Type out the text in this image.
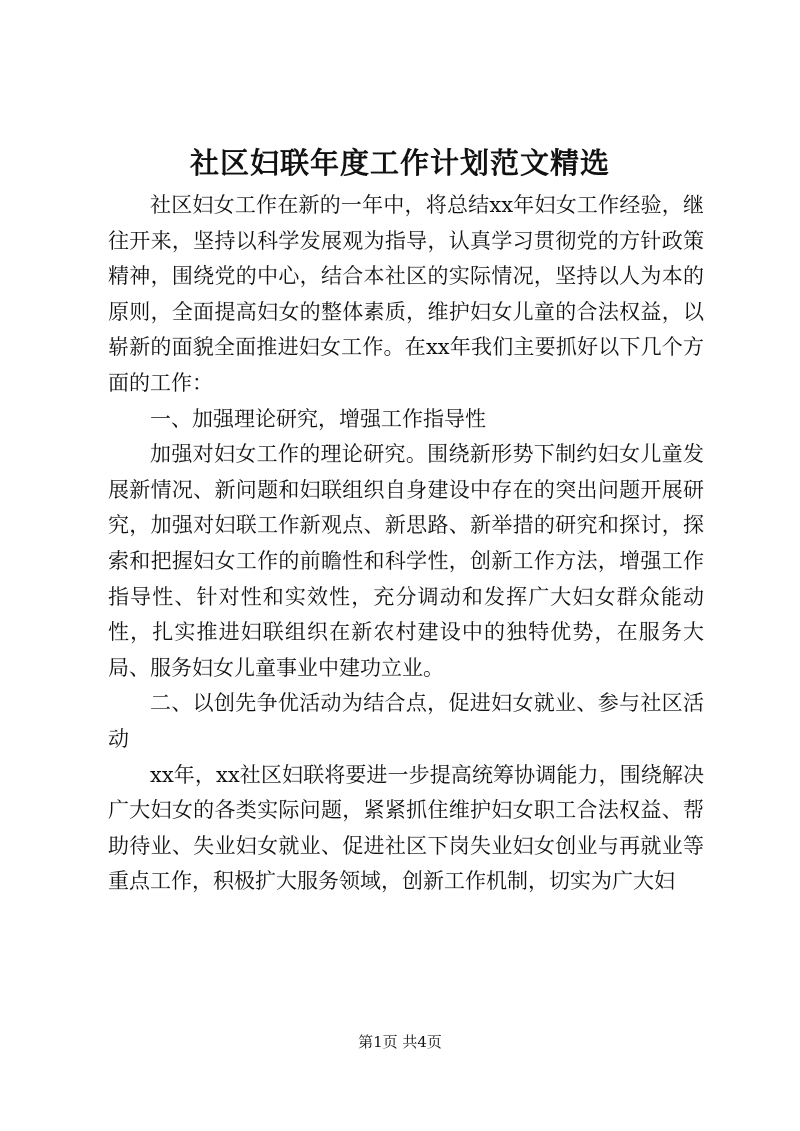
社区妇联年度工作计划范文精选

社区妇女工作在新的一年中，将总结xx年妇女工作经验，继往开来，坚持以科学发展观为指导，认真学习贯彻党的方针政策精神，围绕党的中心，结合本社区的实际情况，坚持以人为本的原则，全面提高妇女的整体素质，维护妇女儿童的合法权益，以崭新的面貌全面推进妇女工作。在xx年我们主要抓好以下几个方面的工作：

一、加强理论研究，增强工作指导性

加强对妇女工作的理论研究。围绕新形势下制约妇女儿童发展新情况、新问题和妇联组织自身建设中存在的突出问题开展研究，加强对妇联工作新观点、新思路、新举措的研究和探讨，探索和把握妇女工作的前瞻性和科学性，创新工作方法，增强工作指导性、针对性和实效性，充分调动和发挥广大妇女群众能动性，扎实推进妇联组织在新农村建设中的独特优势，在服务大局、服务妇女儿童事业中建功立业。

二、以创先争优活动为结合点，促进妇女就业、参与社区活动

xx年，xx社区妇联将要进一步提高统筹协调能力，围绕解决广大妇女的各类实际问题，紧紧抓住维护妇女职工合法权益、帮助待业、失业妇女就业、促进社区下岗失业妇女创业与再就业等重点工作，积极扩大服务领域，创新工作机制，切实为广大妇

第1页 共4页
